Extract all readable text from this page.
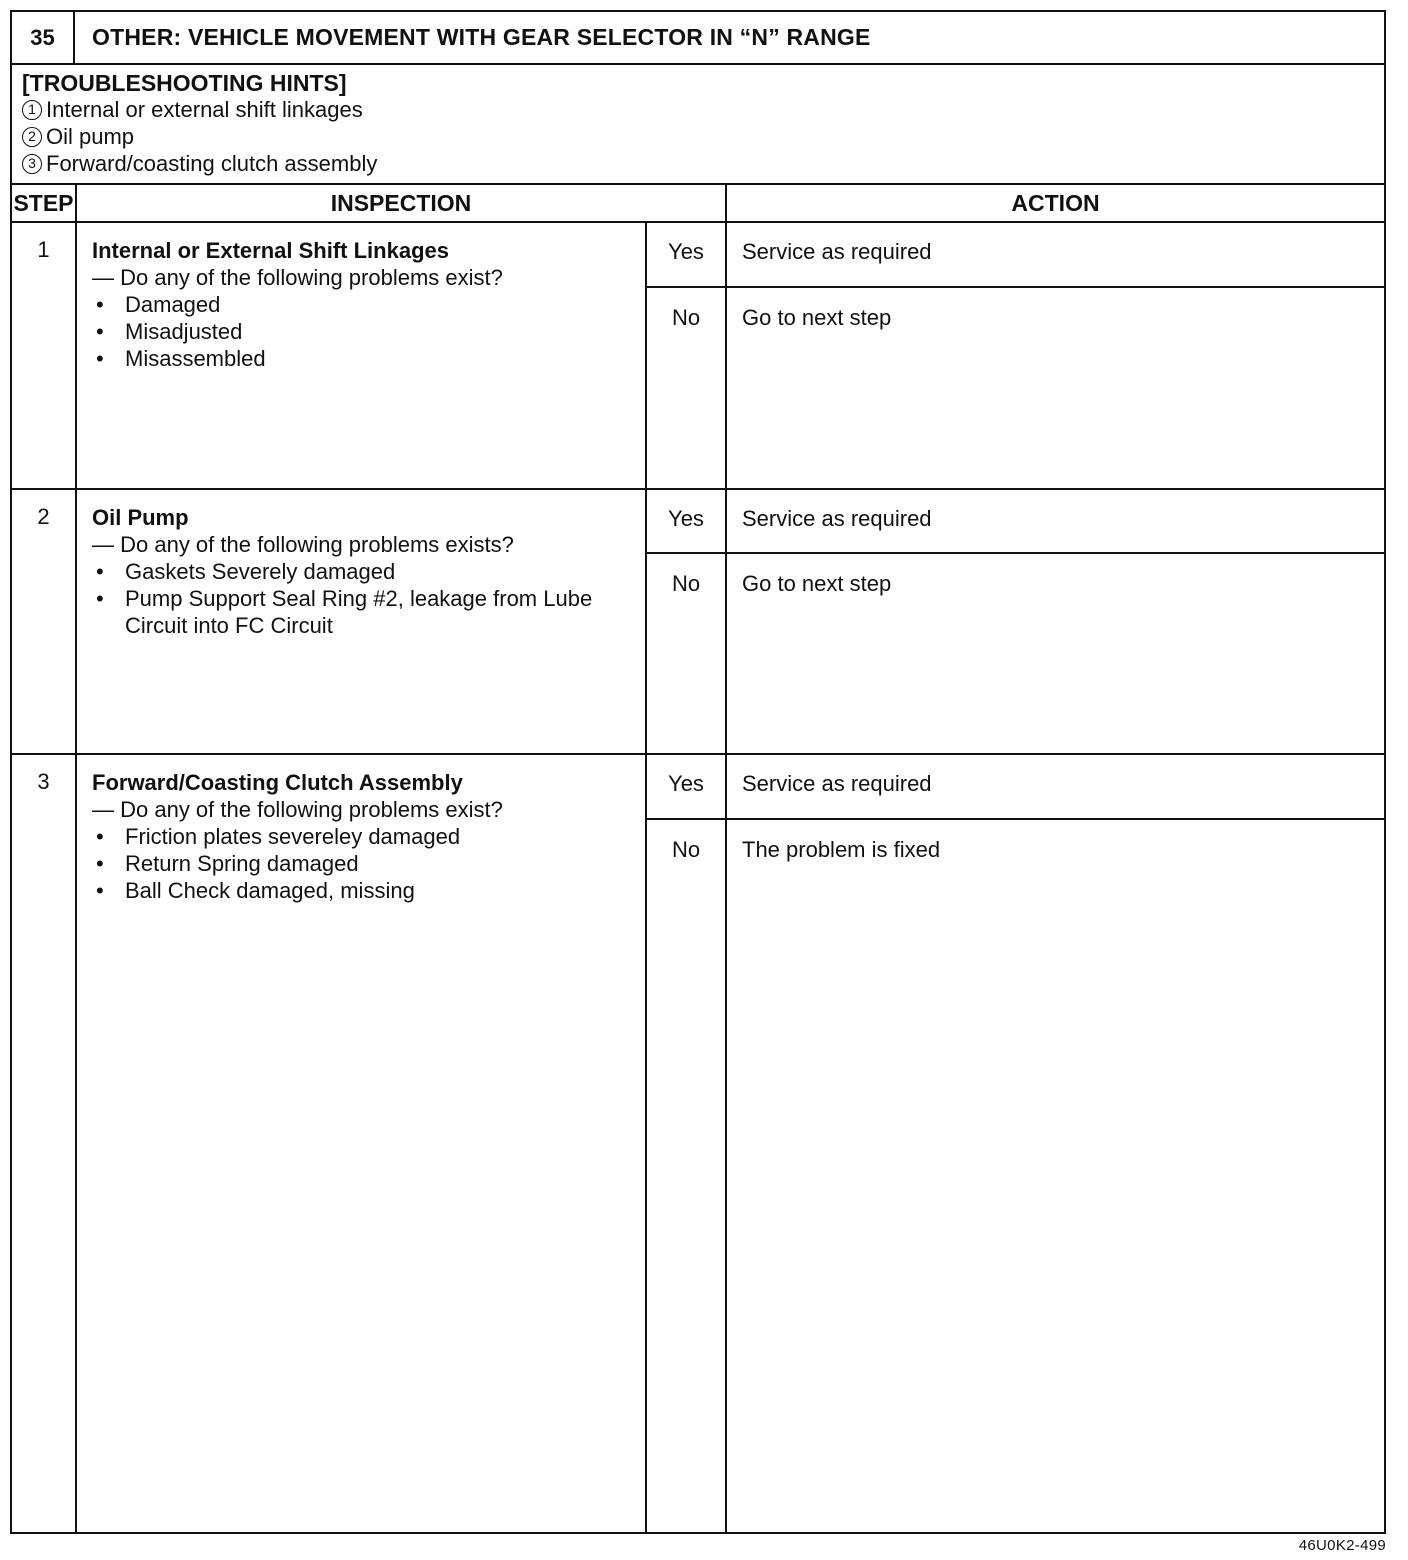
35	OTHER: VEHICLE MOVEMENT WITH GEAR SELECTOR IN “N” RANGE
[TROUBLESHOOTING HINTS]
1 Internal or external shift linkages
2 Oil pump
3 Forward/coasting clutch assembly
STEP	INSPECTION	ACTION
1	Internal or External Shift Linkages
— Do any of the following problems exist?
• Damaged
• Misadjusted
• Misassembled
Yes	Service as required
No	Go to next step
2	Oil Pump
— Do any of the following problems exists?
• Gaskets Severely damaged
• Pump Support Seal Ring #2, leakage from Lube Circuit into FC Circuit
Yes	Service as required
No	Go to next step
3	Forward/Coasting Clutch Assembly
— Do any of the following problems exist?
• Friction plates severeley damaged
• Return Spring damaged
• Ball Check damaged, missing
Yes	Service as required
No	The problem is fixed
46U0K2-499
